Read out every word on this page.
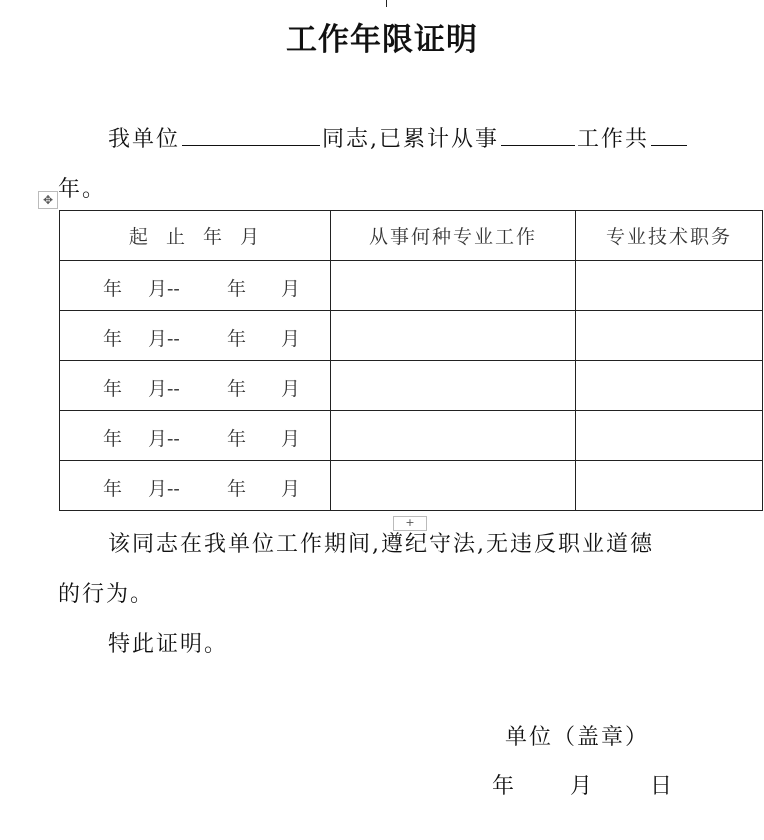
工作年限证明
我单位	同志,已累计从事	工作共
年。
✥
起  止  年  月	从事何种专业工作	专业技术职务

年 月-- 年 月		

年 月-- 年 月		

年 月-- 年 月		

年 月-- 年 月		

年 月-- 年 月		

+
该同志在我单位工作期间,遵纪守法,无违反职业道德
的行为。
特此证明。
单位（盖章）
年 月	日
